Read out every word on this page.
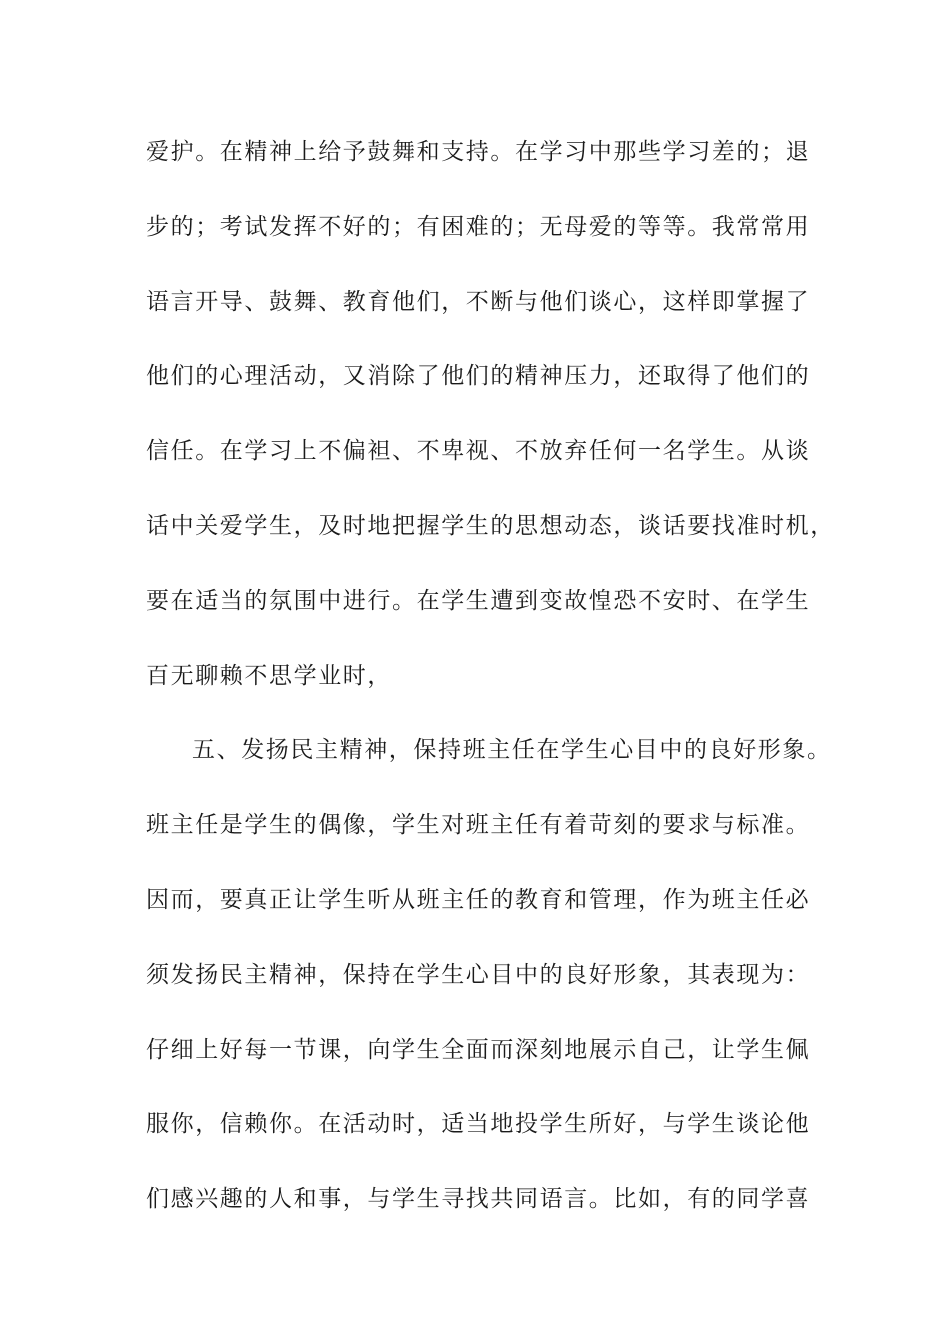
爱护。在精神上给予鼓舞和支持。在学习中那些学习差的；退
步的；考试发挥不好的；有困难的；无母爱的等等。我常常用
语言开导、鼓舞、教育他们，不断与他们谈心，这样即掌握了
他们的心理活动，又消除了他们的精神压力，还取得了他们的
信任。在学习上不偏袒、不卑视、不放弃任何一名学生。从谈
话中关爱学生，及时地把握学生的思想动态，谈话要找准时机，
要在适当的氛围中进行。在学生遭到变故惶恐不安时、在学生
百无聊赖不思学业时，
五、发扬民主精神，保持班主任在学生心目中的良好形象。
班主任是学生的偶像，学生对班主任有着苛刻的要求与标准。
因而，要真正让学生听从班主任的教育和管理，作为班主任必
须发扬民主精神，保持在学生心目中的良好形象，其表现为：
仔细上好每一节课，向学生全面而深刻地展示自己，让学生佩
服你，信赖你。在活动时，适当地投学生所好，与学生谈论他
们感兴趣的人和事，与学生寻找共同语言。比如，有的同学喜
